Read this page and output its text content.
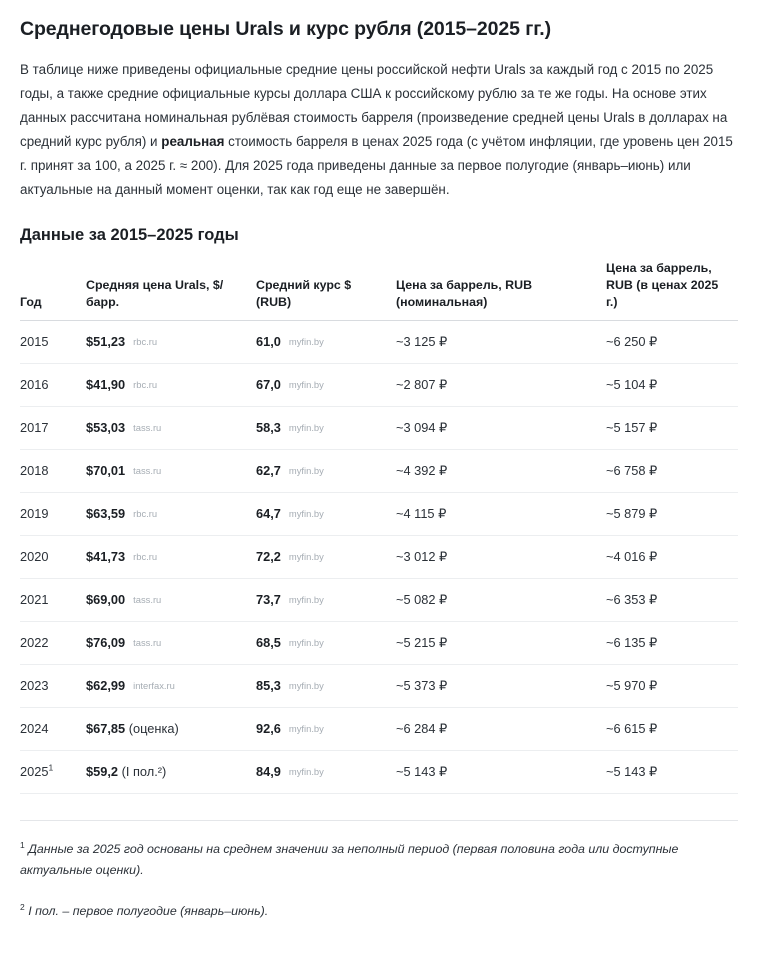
Среднегодовые цены Urals и курс рубля (2015–2025 гг.)

В таблице ниже приведены официальные средние цены российской нефти Urals за каждый год с 2015 по 2025 годы, а также средние официальные курсы доллара США к российскому рублю за те же годы. На основе этих данных рассчитана номинальная рублёвая стоимость барреля (произведение средней цены Urals в долларах на средний курс рубля) и реальная стоимость барреля в ценах 2025 года (с учётом инфляции, где уровень цен 2015 г. принят за 100, а 2025 г. ≈ 200). Для 2025 года приведены данные за первое полугодие (январь–июнь) или актуальные на данный момент оценки, так как год еще не завершён.

Данные за 2015–2025 годы
Год	Средняя цена Urals, $/барр.	Средний курс $ (RUB)	Цена за баррель, RUB (номинальная)	Цена за баррель, RUB (в ценах 2025 г.)
2015	$51,23 rbc.ru	61,0 myfin.by	~3 125 ₽	~6 250 ₽
2016	$41,90 rbc.ru	67,0 myfin.by	~2 807 ₽	~5 104 ₽
2017	$53,03 tass.ru	58,3 myfin.by	~3 094 ₽	~5 157 ₽
2018	$70,01 tass.ru	62,7 myfin.by	~4 392 ₽	~6 758 ₽
2019	$63,59 rbc.ru	64,7 myfin.by	~4 115 ₽	~5 879 ₽
2020	$41,73 rbc.ru	72,2 myfin.by	~3 012 ₽	~4 016 ₽
2021	$69,00 tass.ru	73,7 myfin.by	~5 082 ₽	~6 353 ₽
2022	$76,09 tass.ru	68,5 myfin.by	~5 215 ₽	~6 135 ₽
2023	$62,99 interfax.ru	85,3 myfin.by	~5 373 ₽	~5 970 ₽
2024	$67,85 (оценка)	92,6 myfin.by	~6 284 ₽	~6 615 ₽
2025$^1$	$59,2 (I пол.²)	84,9 myfin.by	~5 143 ₽	~5 143 ₽

$^1$ Данные за 2025 год основаны на среднем значении за неполный период (первая половина года или доступные актуальные оценки).

$^2$ I пол. – первое полугодие (январь–июнь).
